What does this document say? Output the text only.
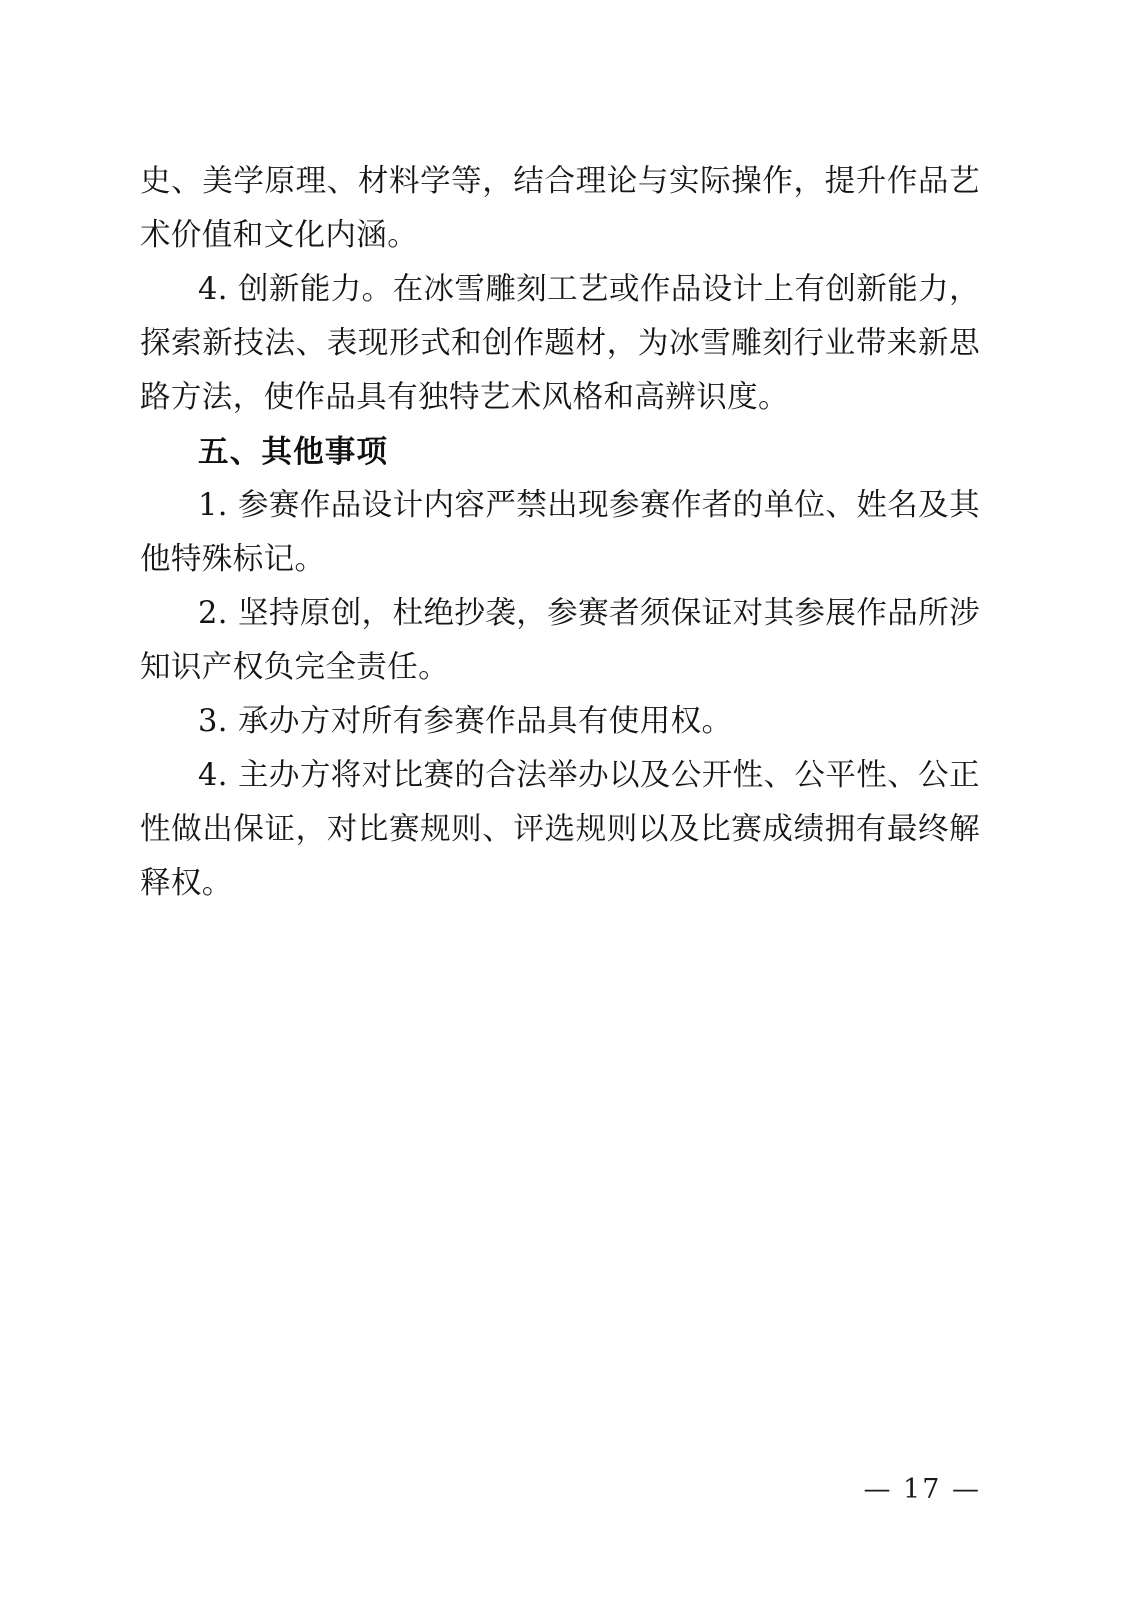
史、美学原理、材料学等，结合理论与实际操作，提升作品艺术价值和文化内涵。

4. 创新能力。在冰雪雕刻工艺或作品设计上有创新能力，探索新技法、表现形式和创作题材，为冰雪雕刻行业带来新思路方法，使作品具有独特艺术风格和高辨识度。

五、其他事项

1. 参赛作品设计内容严禁出现参赛作者的单位、姓名及其他特殊标记。

2. 坚持原创，杜绝抄袭，参赛者须保证对其参展作品所涉知识产权负完全责任。

3. 承办方对所有参赛作品具有使用权。

4. 主办方将对比赛的合法举办以及公开性、公平性、公正性做出保证，对比赛规则、评选规则以及比赛成绩拥有最终解释权。

— 17 —
